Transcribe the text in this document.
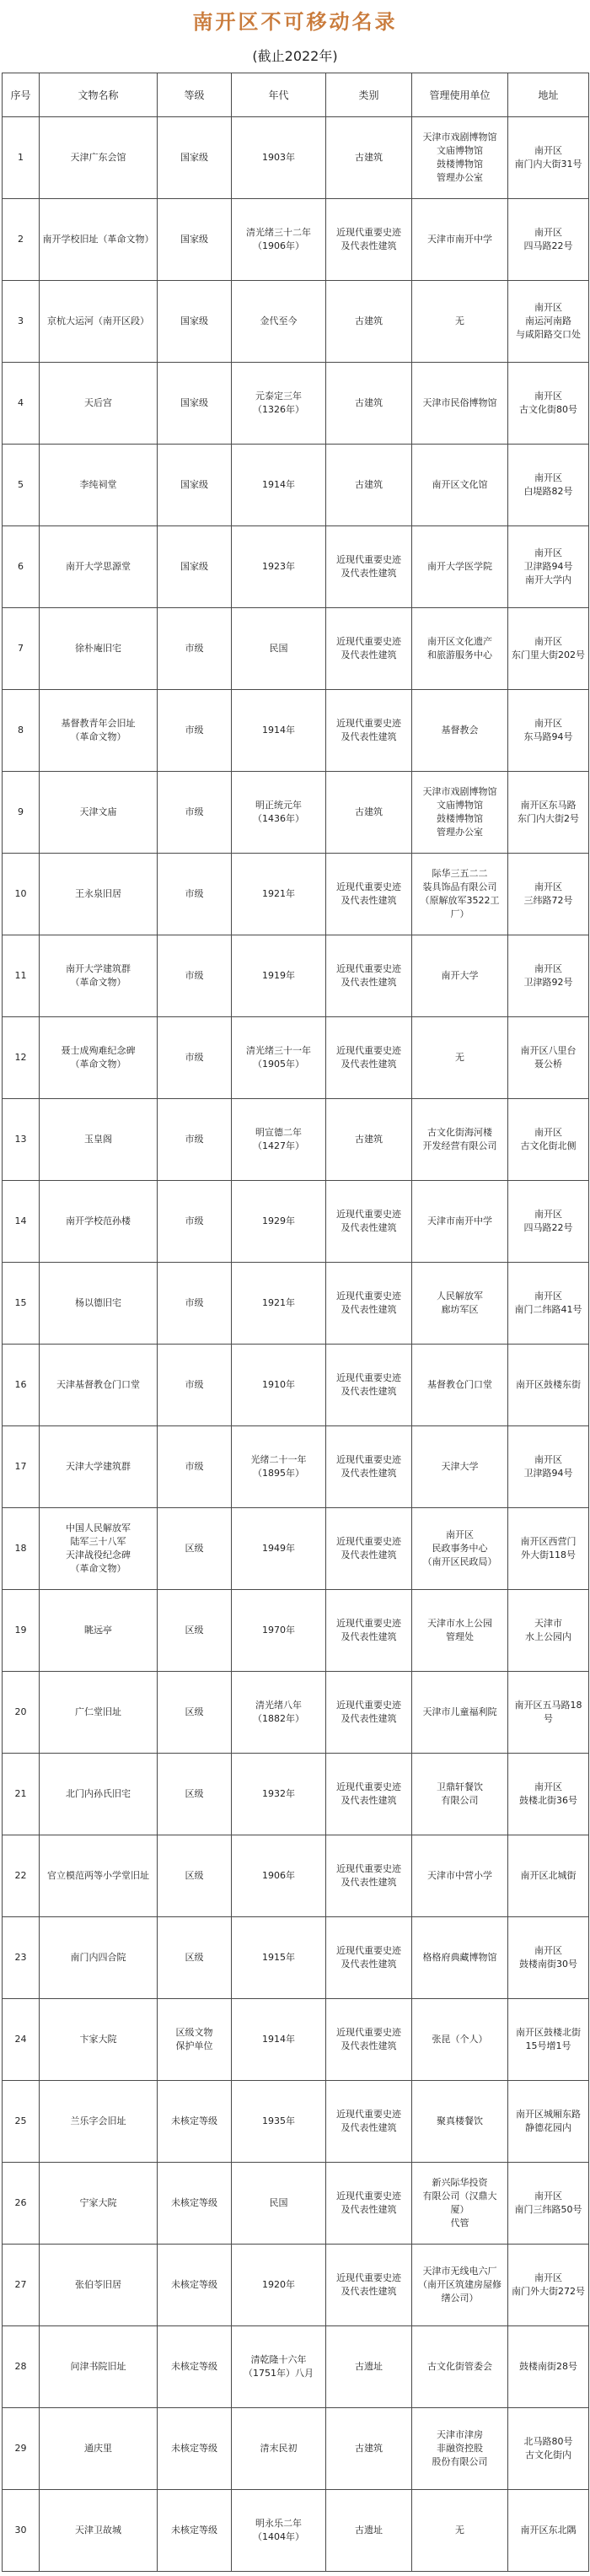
南开区不可移动名录
(截止2022年)
序号	文物名称	等级	年代	类别	管理使用单位	地址
1	天津广东会馆	国家级	1903年	古建筑	天津市戏剧博物馆
文庙博物馆
鼓楼博物馆
管理办公室	南开区
南门内大街31号
2	南开学校旧址（革命文物）	国家级	清光绪三十二年
（1906年）	近现代重要史迹
及代表性建筑	天津市南开中学	南开区
四马路22号
3	京杭大运河（南开区段）	国家级	金代至今	古建筑	无	南开区
南运河南路
与咸阳路交口处
4	天后宫	国家级	元泰定三年
（1326年）	古建筑	天津市民俗博物馆	南开区
古文化街80号
5	李纯祠堂	国家级	1914年	古建筑	南开区文化馆	南开区
白堤路82号
6	南开大学思源堂	国家级	1923年	近现代重要史迹
及代表性建筑	南开大学医学院	南开区
卫津路94号
南开大学内
7	徐朴庵旧宅	市级	民国	近现代重要史迹
及代表性建筑	南开区文化遗产
和旅游服务中心	南开区
东门里大街202号
8	基督教青年会旧址
（革命文物）	市级	1914年	近现代重要史迹
及代表性建筑	基督教会	南开区
东马路94号
9	天津文庙	市级	明正统元年
（1436年）	古建筑	天津市戏剧博物馆
文庙博物馆
鼓楼博物馆
管理办公室	南开区东马路
东门内大街2号
10	王永泉旧居	市级	1921年	近现代重要史迹
及代表性建筑	际华三五二二
装具饰品有限公司
（原解放军3522工厂）	南开区
三纬路72号
11	南开大学建筑群
（革命文物）	市级	1919年	近现代重要史迹
及代表性建筑	南开大学	南开区
卫津路92号
12	聂士成殉难纪念碑
（革命文物）	市级	清光绪三十一年
（1905年）	近现代重要史迹
及代表性建筑	无	南开区八里台
聂公桥
13	玉皇阁	市级	明宣德二年
（1427年）	古建筑	古文化街海河楼
开发经营有限公司	南开区
古文化街北侧
14	南开学校范孙楼	市级	1929年	近现代重要史迹
及代表性建筑	天津市南开中学	南开区
四马路22号
15	杨以德旧宅	市级	1921年	近现代重要史迹
及代表性建筑	人民解放军
廊坊军区	南开区
南门二纬路41号
16	天津基督教仓门口堂	市级	1910年	近现代重要史迹
及代表性建筑	基督教仓门口堂	南开区鼓楼东街
17	天津大学建筑群	市级	光绪二十一年
（1895年）	近现代重要史迹
及代表性建筑	天津大学	南开区
卫津路94号
18	中国人民解放军
陆军三十八军
天津战役纪念碑
（革命文物）	区级	1949年	近现代重要史迹
及代表性建筑	南开区
民政事务中心
（南开区民政局）	南开区西营门
外大街118号
19	眺远亭	区级	1970年	近现代重要史迹
及代表性建筑	天津市水上公园
管理处	天津市
水上公园内
20	广仁堂旧址	区级	清光绪八年
（1882年）	近现代重要史迹
及代表性建筑	天津市儿童福利院	南开区五马路18号
21	北门内孙氏旧宅	区级	1932年	近现代重要史迹
及代表性建筑	卫鼎轩餐饮
有限公司	南开区
鼓楼北街36号
22	官立模范两等小学堂旧址	区级	1906年	近现代重要史迹
及代表性建筑	天津市中营小学	南开区北城街
23	南门内四合院	区级	1915年	近现代重要史迹
及代表性建筑	格格府典藏博物馆	南开区
鼓楼南街30号
24	卞家大院	区级文物
保护单位	1914年	近现代重要史迹
及代表性建筑	张昆（个人）	南开区鼓楼北街
15号增1号
25	兰乐字会旧址	未核定等级	1935年	近现代重要史迹
及代表性建筑	聚真楼餐饮	南开区城厢东路
静德花园内
26	宁家大院	未核定等级	民国	近现代重要史迹
及代表性建筑	新兴际华投资
有限公司（汉鼎大厦）
代管	南开区
南门三纬路50号
27	张伯苓旧居	未核定等级	1920年	近现代重要史迹
及代表性建筑	天津市无线电六厂
（南开区筑建房屋修
缮公司）	南开区
南门外大街272号
28	问津书院旧址	未核定等级	清乾隆十六年
（1751年）八月	古遗址	古文化街管委会	鼓楼南街28号
29	通庆里	未核定等级	清末民初	古建筑	天津市津房
非融资控股
股份有限公司	北马路80号
古文化街内
30	天津卫故城	未核定等级	明永乐二年
（1404年）	古遗址	无	南开区东北隅
